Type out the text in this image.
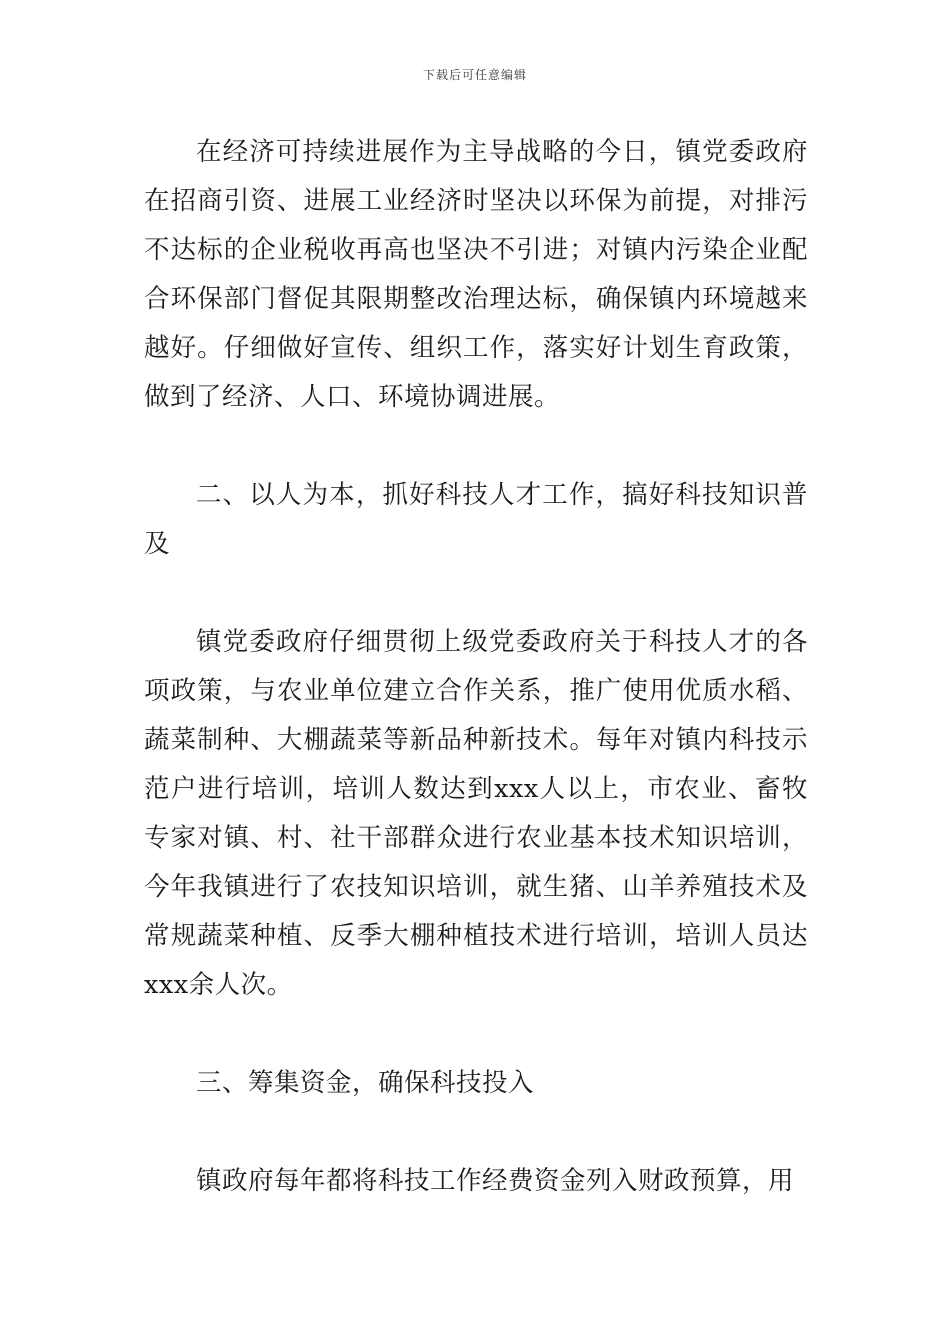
下载后可任意编辑

在经济可持续进展作为主导战略的今日，镇党委政府在招商引资、进展工业经济时坚决以环保为前提，对排污不达标的企业税收再高也坚决不引进；对镇内污染企业配合环保部门督促其限期整改治理达标，确保镇内环境越来越好。仔细做好宣传、组织工作，落实好计划生育政策，做到了经济、人口、环境协调进展。

二、以人为本，抓好科技人才工作，搞好科技知识普及

镇党委政府仔细贯彻上级党委政府关于科技人才的各项政策，与农业单位建立合作关系，推广使用优质水稻、蔬菜制种、大棚蔬菜等新品种新技术。每年对镇内科技示范户进行培训，培训人数达到xxx人以上，市农业、畜牧专家对镇、村、社干部群众进行农业基本技术知识培训，今年我镇进行了农技知识培训，就生猪、山羊养殖技术及常规蔬菜种植、反季大棚种植技术进行培训，培训人员达xxx余人次。

三、筹集资金，确保科技投入

镇政府每年都将科技工作经费资金列入财政预算，用
